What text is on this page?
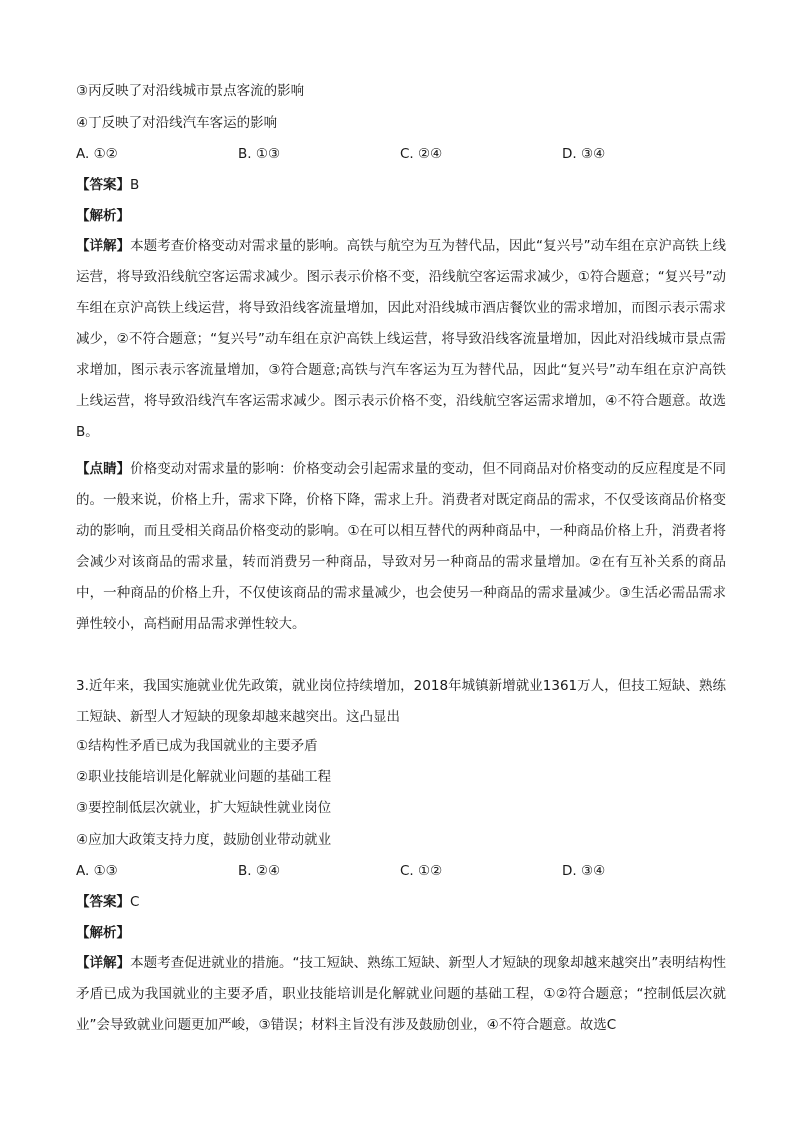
③丙反映了对沿线城市景点客流的影响
④丁反映了对沿线汽车客运的影响
A. ①②	B. ①③	C. ②④	D. ③④
【答案】B
【解析】
【详解】本题考查价格变动对需求量的影响。高铁与航空为互为替代品，因此“复兴号”动车组在京沪高铁上线运营，将导致沿线航空客运需求减少。图示表示价格不变，沿线航空客运需求减少，①符合题意；“复兴号”动车组在京沪高铁上线运营，将导致沿线客流量增加，因此对沿线城市酒店餐饮业的需求增加，而图示表示需求减少，②不符合题意；“复兴号”动车组在京沪高铁上线运营，将导致沿线客流量增加，因此对沿线城市景点需求增加，图示表示客流量增加，③符合题意;高铁与汽车客运为互为替代品，因此“复兴号”动车组在京沪高铁上线运营，将导致沿线汽车客运需求减少。图示表示价格不变，沿线航空客运需求增加，④不符合题意。故选B。
【点睛】价格变动对需求量的影响：价格变动会引起需求量的变动，但不同商品对价格变动的反应程度是不同的。一般来说，价格上升，需求下降，价格下降，需求上升。消费者对既定商品的需求，不仅受该商品价格变动的影响，而且受相关商品价格变动的影响。①在可以相互替代的两种商品中，一种商品价格上升，消费者将会减少对该商品的需求量，转而消费另一种商品，导致对另一种商品的需求量增加。②在有互补关系的商品中，一种商品的价格上升，不仅使该商品的需求量减少，也会使另一种商品的需求量减少。③生活必需品需求弹性较小，高档耐用品需求弹性较大。
3.近年来，我国实施就业优先政策，就业岗位持续增加，2018年城镇新增就业1361万人，但技工短缺、熟练工短缺、新型人才短缺的现象却越来越突出。这凸显出
①结构性矛盾已成为我国就业的主要矛盾
②职业技能培训是化解就业问题的基础工程
③要控制低层次就业，扩大短缺性就业岗位
④应加大政策支持力度，鼓励创业带动就业
A. ①③	B. ②④	C. ①②	D. ③④
【答案】C
【解析】
【详解】本题考查促进就业的措施。“技工短缺、熟练工短缺、新型人才短缺的现象却越来越突出”表明结构性矛盾已成为我国就业的主要矛盾，职业技能培训是化解就业问题的基础工程，①②符合题意；“控制低层次就业”会导致就业问题更加严峻，③错误；材料主旨没有涉及鼓励创业，④不符合题意。故选C
